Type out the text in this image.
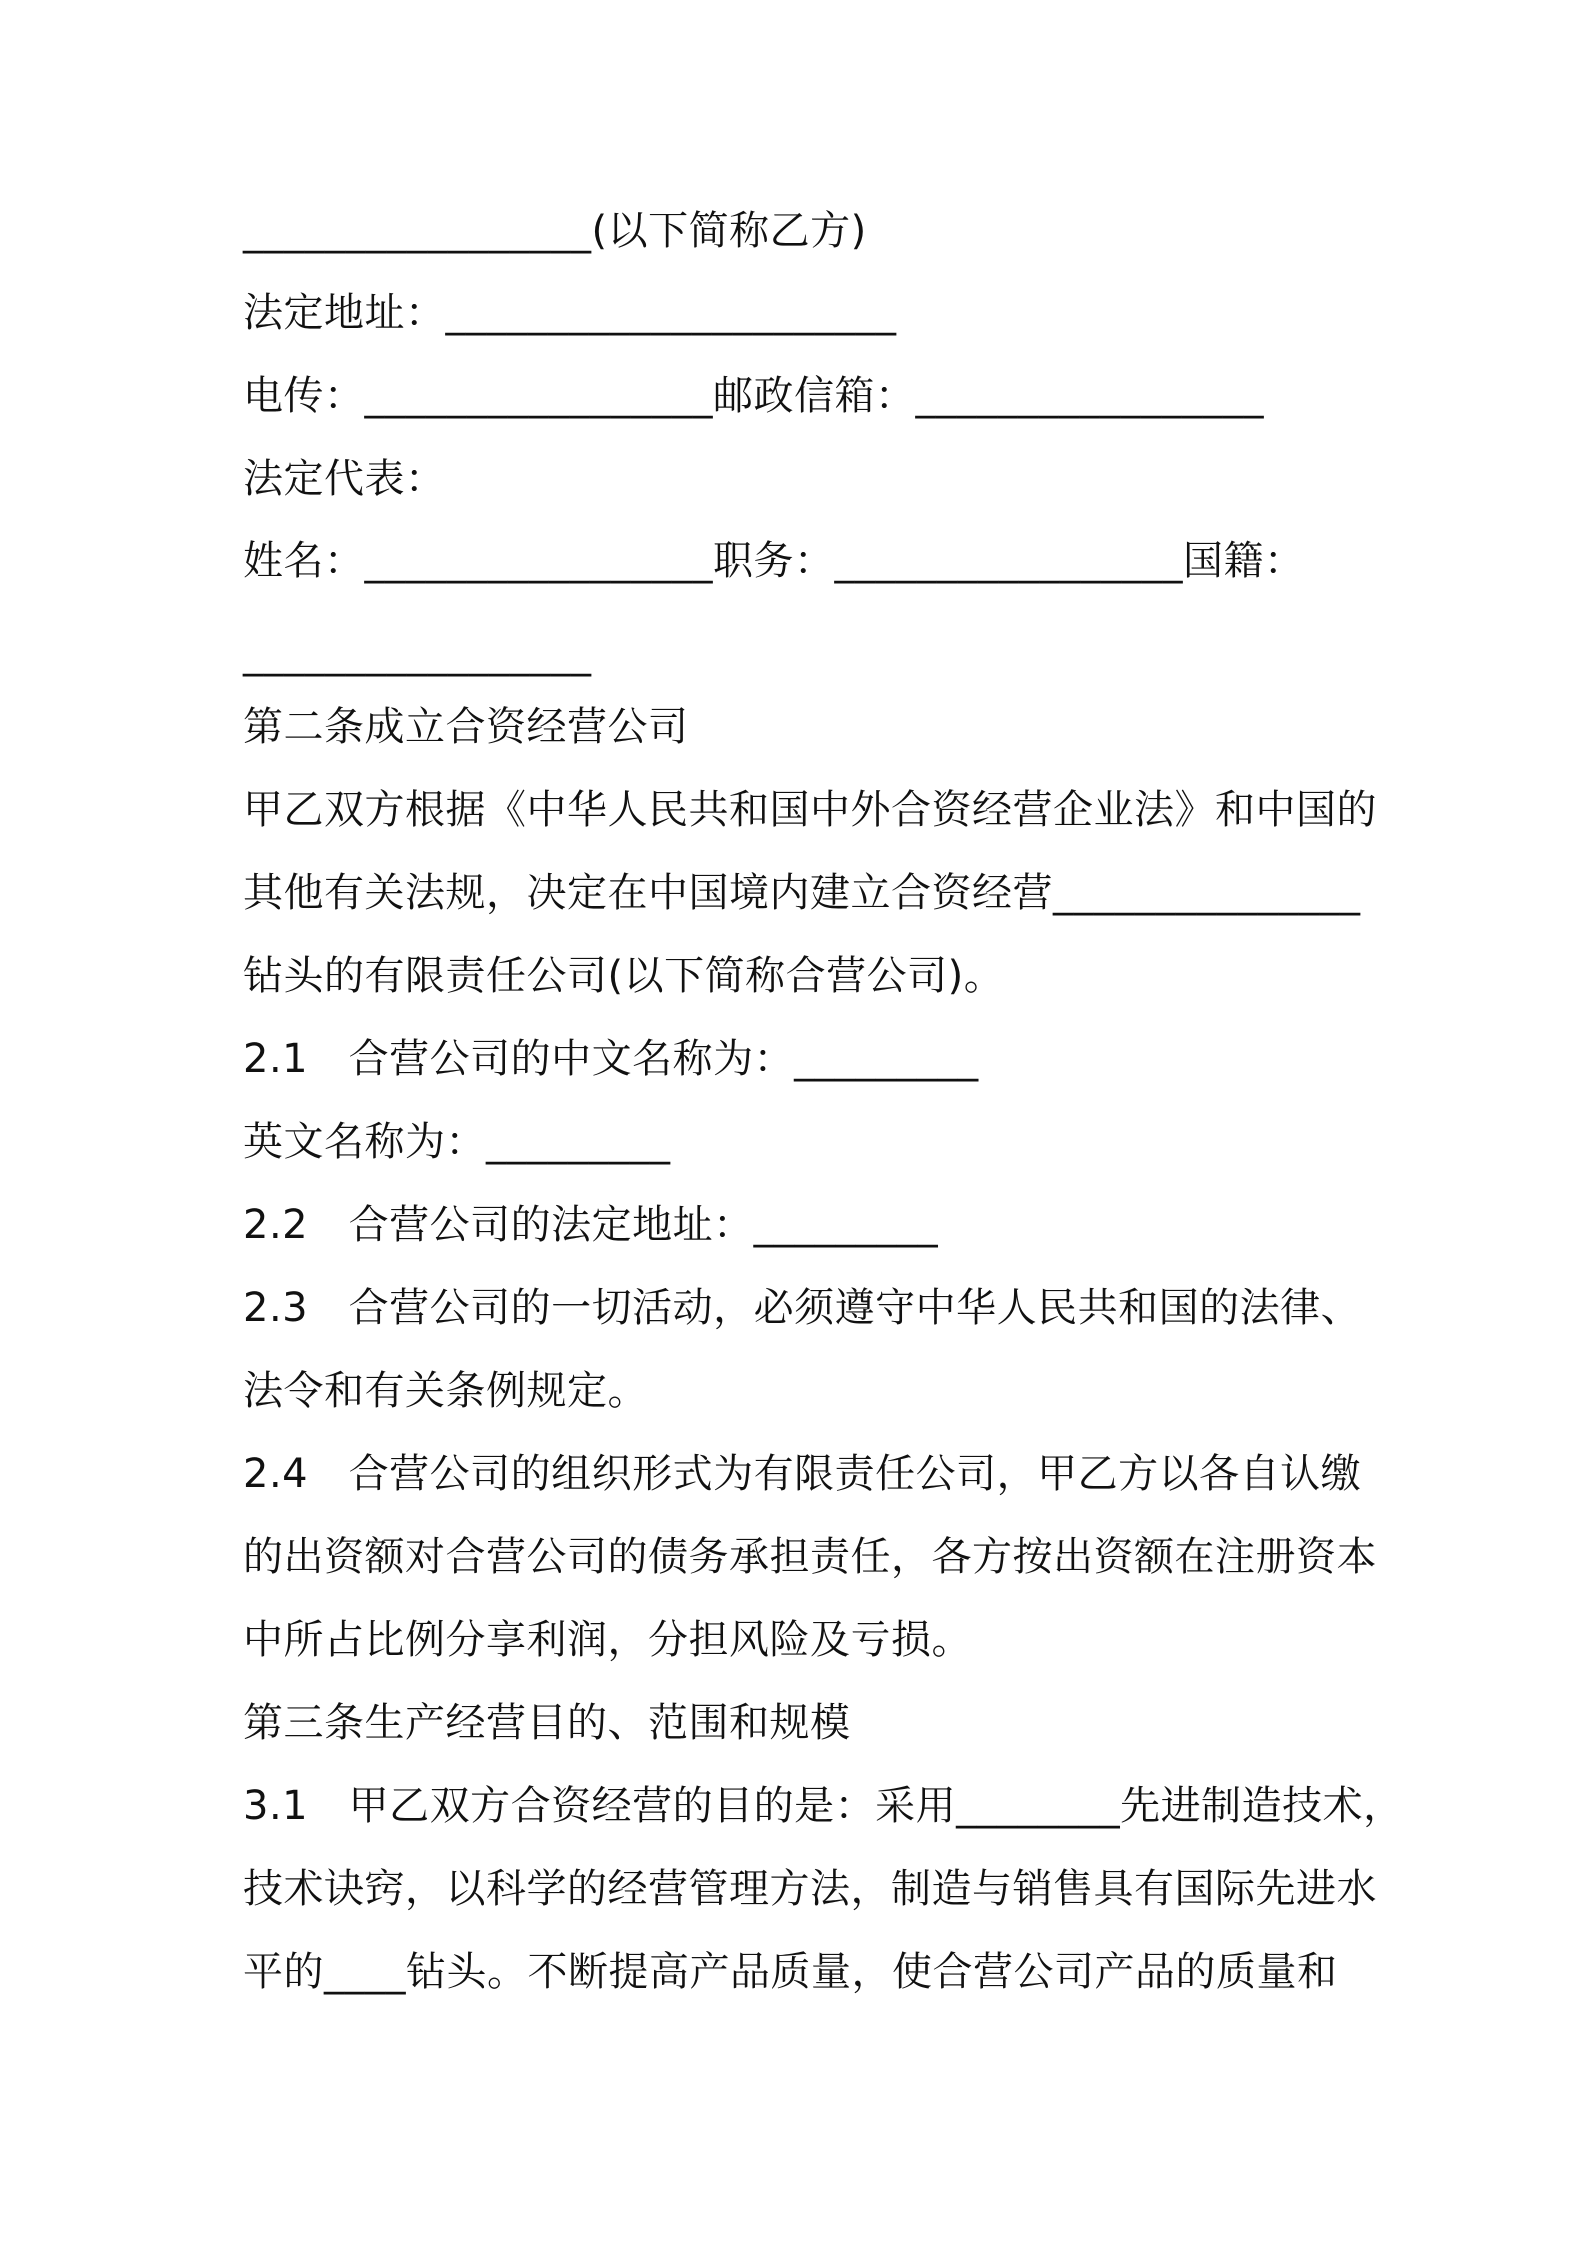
_________________(以下简称乙方)
法定地址：______________________
电传：_________________邮政信箱：_________________
法定代表：
姓名：_________________职务：_________________国籍：
_________________
第二条成立合资经营公司
甲乙双方根据《中华人民共和国中外合资经营企业法》和中国的
其他有关法规，决定在中国境内建立合资经营_______________
钻头的有限责任公司(以下简称合营公司)。
2.1　合营公司的中文名称为：_________
英文名称为：_________
2.2　合营公司的法定地址：_________
2.3　合营公司的一切活动，必须遵守中华人民共和国的法律、
法令和有关条例规定。
2.4　合营公司的组织形式为有限责任公司，甲乙方以各自认缴
的出资额对合营公司的债务承担责任，各方按出资额在注册资本
中所占比例分享利润，分担风险及亏损。
第三条生产经营目的、范围和规模
3.1　甲乙双方合资经营的目的是：采用________先进制造技术，
技术诀窍，以科学的经营管理方法，制造与销售具有国际先进水
平的____钻头。不断提高产品质量，使合营公司产品的质量和
